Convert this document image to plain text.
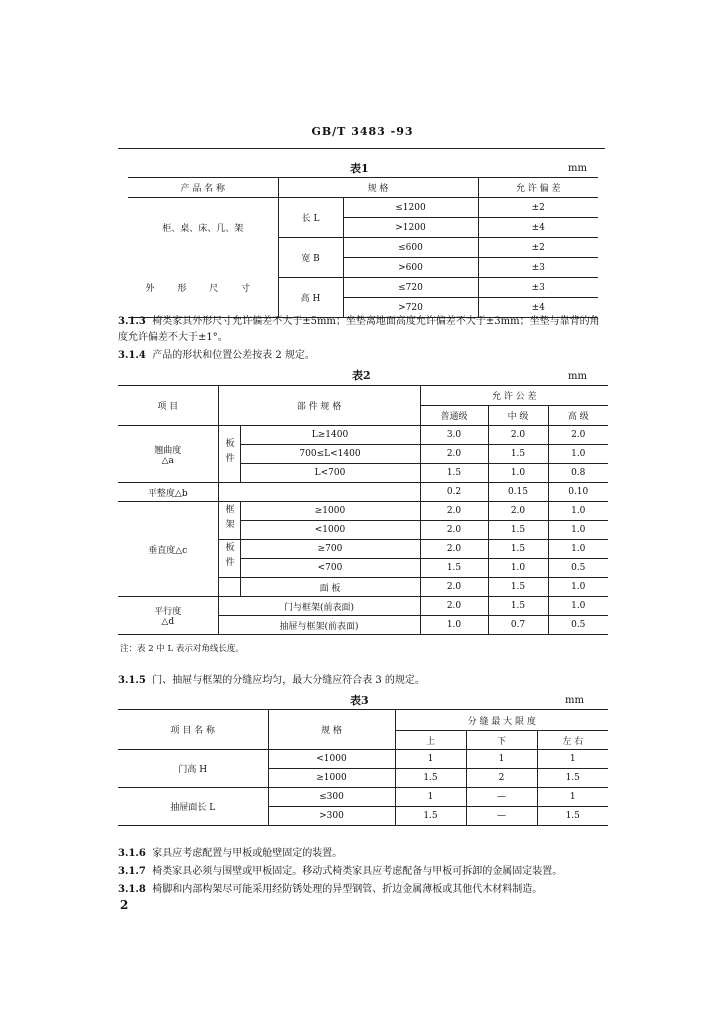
GB/T 3483 -93
表1	mm
产 品 名 称	规 格		允 许 偏 差
柜、桌、床、几、架	长 L	≤1200	±2
		>1200	±4
	宽 B	≤600	±2
外 形 尺 寸		>600	±3
	高 H	≤720	±3
		>720	±4
3.1.3 椅类家具外形尺寸允许偏差不大于±5mm；坐垫离地面高度允许偏差不大于±3mm；坐垫与靠背的角度允许偏差不大于±1°。
3.1.4 产品的形状和位置公差按表 2 规定。
表2	mm
项 目	部 件 规 格		允 许 公 差		
			普通级	中 级	高 级

翘曲度
△a	板件	L≥1400	3.0	2.0	2.0
		700≤L<1400	2.0	1.5	1.0
		L<700	1.5	1.0	0.8
平整度△b			0.2	0.15	0.10
垂直度△c	框架	≥1000	2.0	2.0	1.0
		<1000	2.0	1.5	1.0
	板件	≥700	2.0	1.5	1.0
		<700	1.5	1.0	0.5
		面 板	2.0	1.5	1.0

平行度
△d	门与框架(前表面)		2.0	1.5	1.0
	抽屉与框架(前表面)		1.0	0.7	0.5
注：表 2 中 L 表示对角线长度。
3.1.5 门、抽屉与框架的分缝应均匀，最大分缝应符合表 3 的规定。
表3	mm
项 目 名 称	规 格	分 缝 最 大 限 度		
		上	下	左 右
门高 H	<1000	1	1	1
	≥1000	1.5	2	1.5
抽屉面长 L	≤300	1	—	1
	>300	1.5	—	1.5
3.1.6 家具应考虑配置与甲板或舱壁固定的装置。
3.1.7 椅类家具必须与围壁或甲板固定。移动式椅类家具应考虑配备与甲板可拆卸的金属固定装置。
3.1.8 椅脚和内部构架尽可能采用经防锈处理的异型钢管、折边金属薄板或其他代木材料制造。
2
